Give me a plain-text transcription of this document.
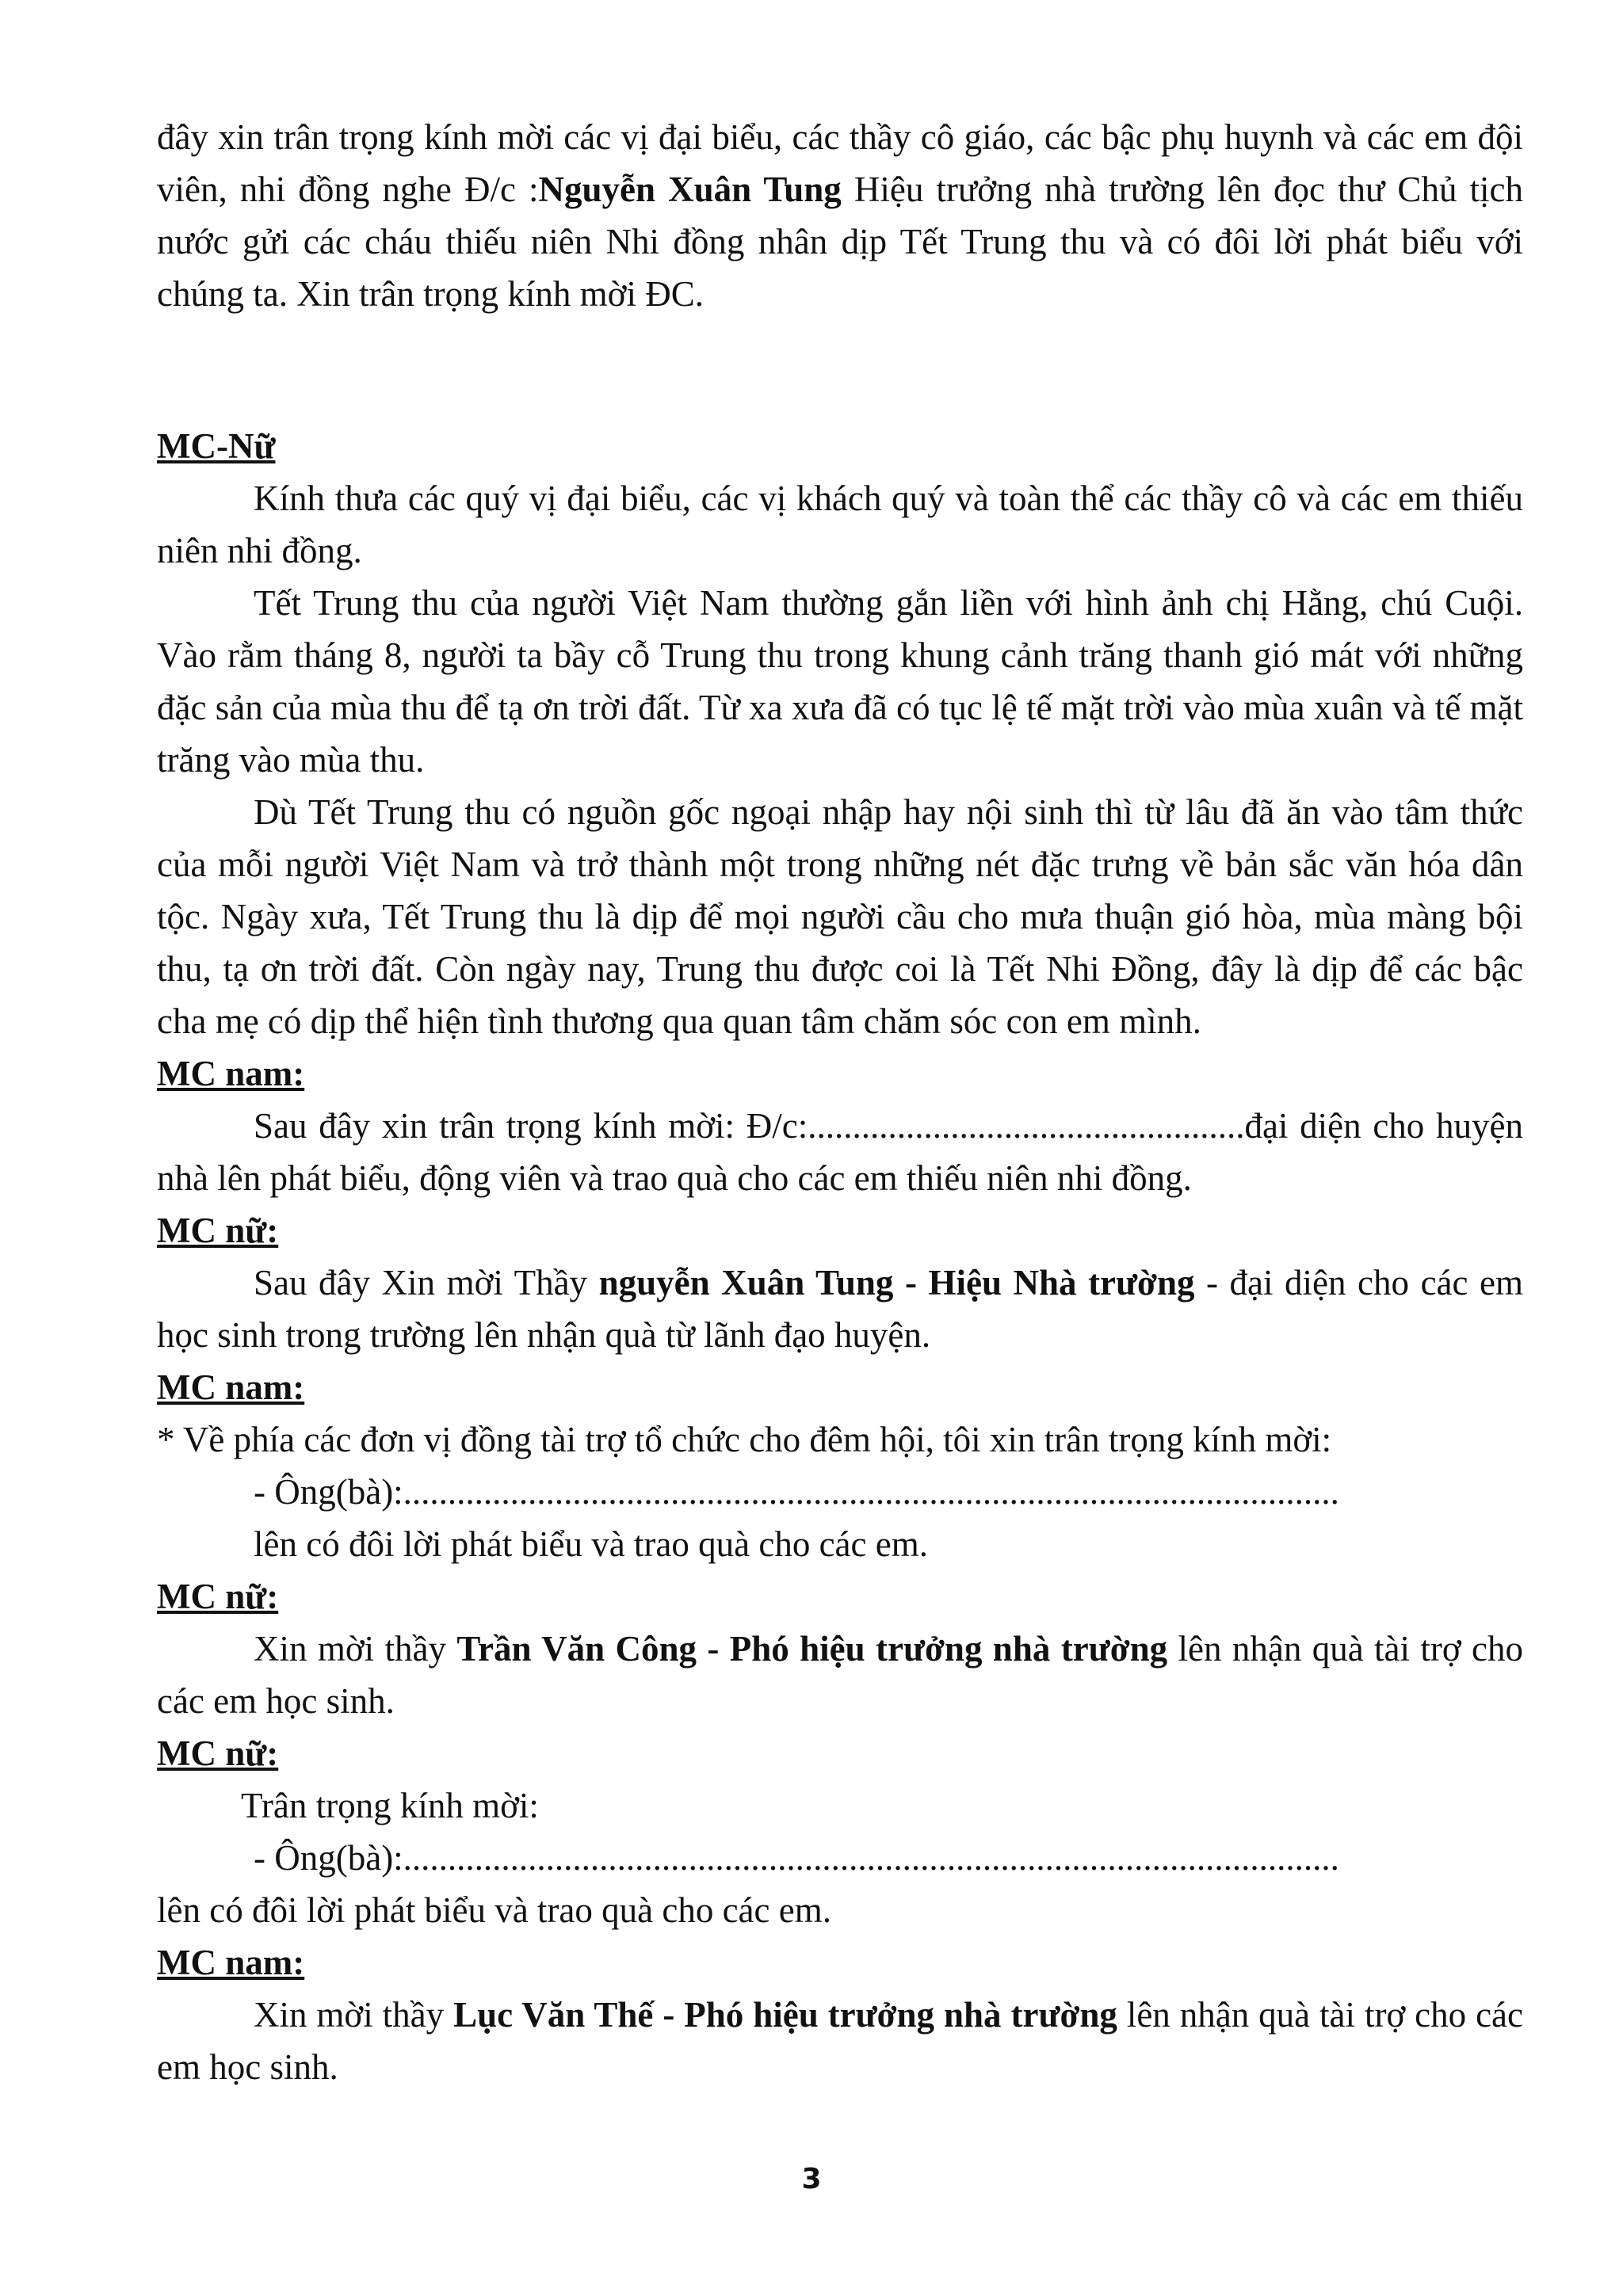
đây xin trân trọng kính mời các vị đại biểu, các thầy cô giáo, các bậc phụ huynh và các em đội viên, nhi đồng nghe Đ/c :Nguyễn Xuân Tung Hiệu trưởng nhà trường lên đọc thư Chủ tịch nước gửi các cháu thiếu niên Nhi đồng nhân dịp Tết Trung thu và có đôi lời phát biểu với chúng ta. Xin trân trọng kính mời ĐC.

MC-Nữ

Kính thưa các quý vị đại biểu, các vị khách quý và toàn thể các thầy cô và các em thiếu niên nhi đồng.

Tết Trung thu của người Việt Nam thường gắn liền với hình ảnh chị Hằng, chú Cuội. Vào rằm tháng 8, người ta bầy cỗ Trung thu trong khung cảnh trăng thanh gió mát với những đặc sản của mùa thu để tạ ơn trời đất. Từ xa xưa đã có tục lệ tế mặt trời vào mùa xuân và tế mặt trăng vào mùa thu.

Dù Tết Trung thu có nguồn gốc ngoại nhập hay nội sinh thì từ lâu đã ăn vào tâm thức của mỗi người Việt Nam và trở thành một trong những nét đặc trưng về bản sắc văn hóa dân tộc. Ngày xưa, Tết Trung thu là dịp để mọi người cầu cho mưa thuận gió hòa, mùa màng bội thu, tạ ơn trời đất. Còn ngày nay, Trung thu được coi là Tết Nhi Đồng, đây là dịp để các bậc cha mẹ có dịp thể hiện tình thương qua quan tâm chăm sóc con em mình.

MC nam:

Sau đây xin trân trọng kính mời: Đ/c:.................................................đại diện cho huyện nhà lên phát biểu, động viên và trao quà cho các em thiếu niên nhi đồng.

MC nữ:

Sau đây Xin mời Thầy nguyễn Xuân Tung - Hiệu Nhà trường - đại diện cho các em học sinh trong trường lên nhận quà từ lãnh đạo huyện.

MC nam:

* Về phía các đơn vị đồng tài trợ tổ chức cho đêm hội, tôi xin trân trọng kính mời:

- Ông(bà):.........................................................................................................

lên có đôi lời phát biểu và trao quà cho các em.

MC nữ:

Xin mời thầy Trần Văn Công - Phó hiệu trưởng nhà trường lên nhận quà tài trợ cho các em học sinh.

MC nữ:

Trân trọng kính mời:

- Ông(bà):.........................................................................................................

lên có đôi lời phát biểu và trao quà cho các em.

MC nam:

Xin mời thầy Lục Văn Thế - Phó hiệu trưởng nhà trường lên nhận quà tài trợ cho các em học sinh.

3
